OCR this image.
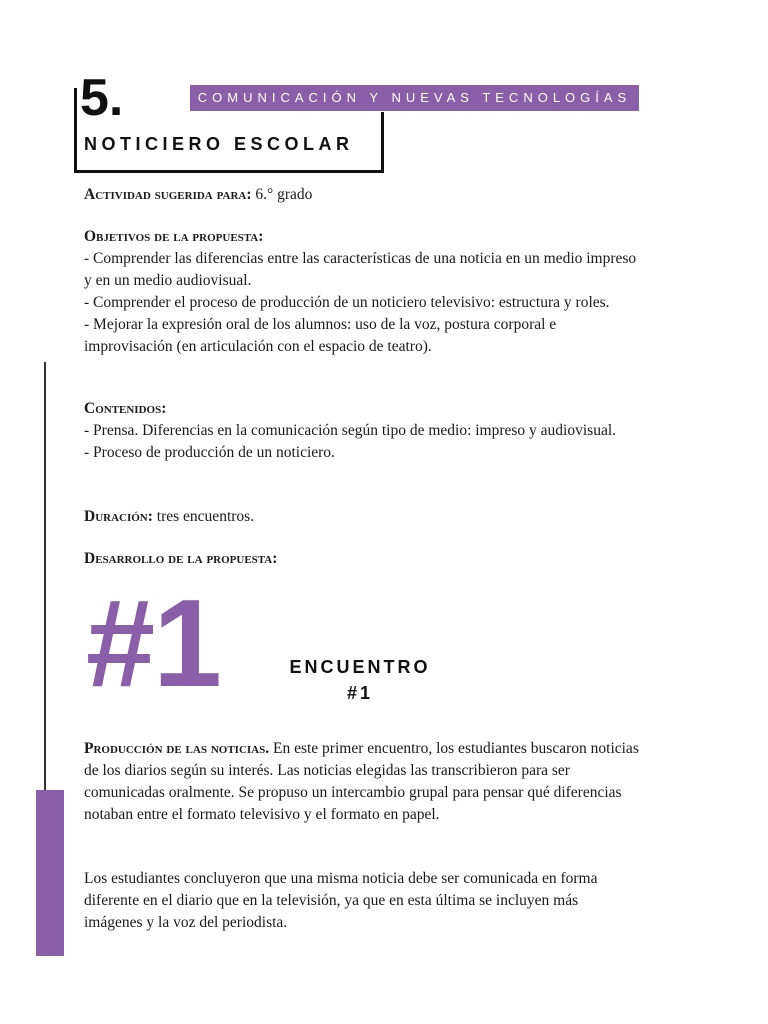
COMUNICACIÓN Y NUEVAS TECNOLOGÍAS
5.
NOTICIERO ESCOLAR
Actividad sugerida para: 6.° grado

Objetivos de la propuesta:

- Comprender las diferencias entre las características de una noticia en un medio impreso y en un medio audiovisual.

- Comprender el proceso de producción de un noticiero televisivo: estructura y roles.

- Mejorar la expresión oral de los alumnos: uso de la voz, postura corporal e improvisación (en articulación con el espacio de teatro).

Contenidos:

- Prensa. Diferencias en la comunicación según tipo de medio: impreso y audiovisual.

- Proceso de producción de un noticiero.

Duración: tres encuentros.
Desarrollo de la propuesta:
#1	ENCUENTRO
#1

Producción de las noticias. En este primer encuentro, los estudiantes buscaron noticias de los diarios según su interés. Las noticias elegidas las transcribieron para ser comunicadas oralmente. Se propuso un intercambio grupal para pensar qué diferencias notaban entre el formato televisivo y el formato en papel.

Los estudiantes concluyeron que una misma noticia debe ser comunicada en forma diferente en el diario que en la televisión, ya que en esta última se incluyen más imágenes y la voz del periodista.
